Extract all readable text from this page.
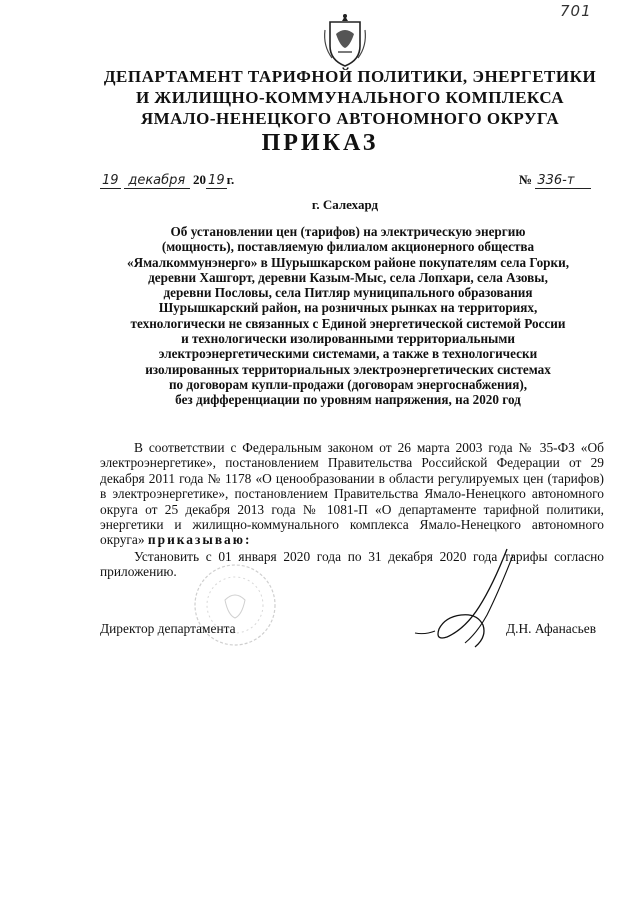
701
ДЕПАРТАМЕНТ ТАРИФНОЙ ПОЛИТИКИ, ЭНЕРГЕТИКИ
И ЖИЛИЩНО-КОММУНАЛЬНОГО КОМПЛЕКСА
ЯМАЛО-НЕНЕЦКОГО АВТОНОМНОГО ОКРУГА
ПРИКАЗ
19 декабря 20 19 г.	№ 336-т
г. Салехард
Об установлении цен (тарифов) на электрическую энергию
(мощность), поставляемую филиалом акционерного общества
«Ямалкоммунэнерго» в Шурышкарском районе покупателям села Горки,
деревни Хашгорт, деревни Казым-Мыс, села Лопхари, села Азовы,
деревни Пословы, села Питляр муниципального образования
Шурышкарский район, на розничных рынках на территориях,
технологически не связанных с Единой энергетической системой России
и технологически изолированными территориальными
электроэнергетическими системами, а также в технологически
изолированных территориальных электроэнергетических системах
по договорам купли-продажи (договорам энергоснабжения),
без дифференциации по уровням напряжения, на 2020 год
В соответствии с Федеральным законом от 26 марта 2003 года № 35-ФЗ «Об электроэнергетике», постановлением Правительства Российской Федерации от 29 декабря 2011 года № 1178 «О ценообразовании в области регулируемых цен (тарифов) в электроэнергетике», постановлением Правительства Ямало-Ненецкого автономного округа от 25 декабря 2013 года № 1081-П «О департаменте тарифной политики, энергетики и жилищно-коммунального комплекса Ямало-Ненецкого автономного округа» приказываю:
Установить с 01 января 2020 года по 31 декабря 2020 года тарифы согласно приложению.
Директор департамента	Д.Н. Афанасьев
